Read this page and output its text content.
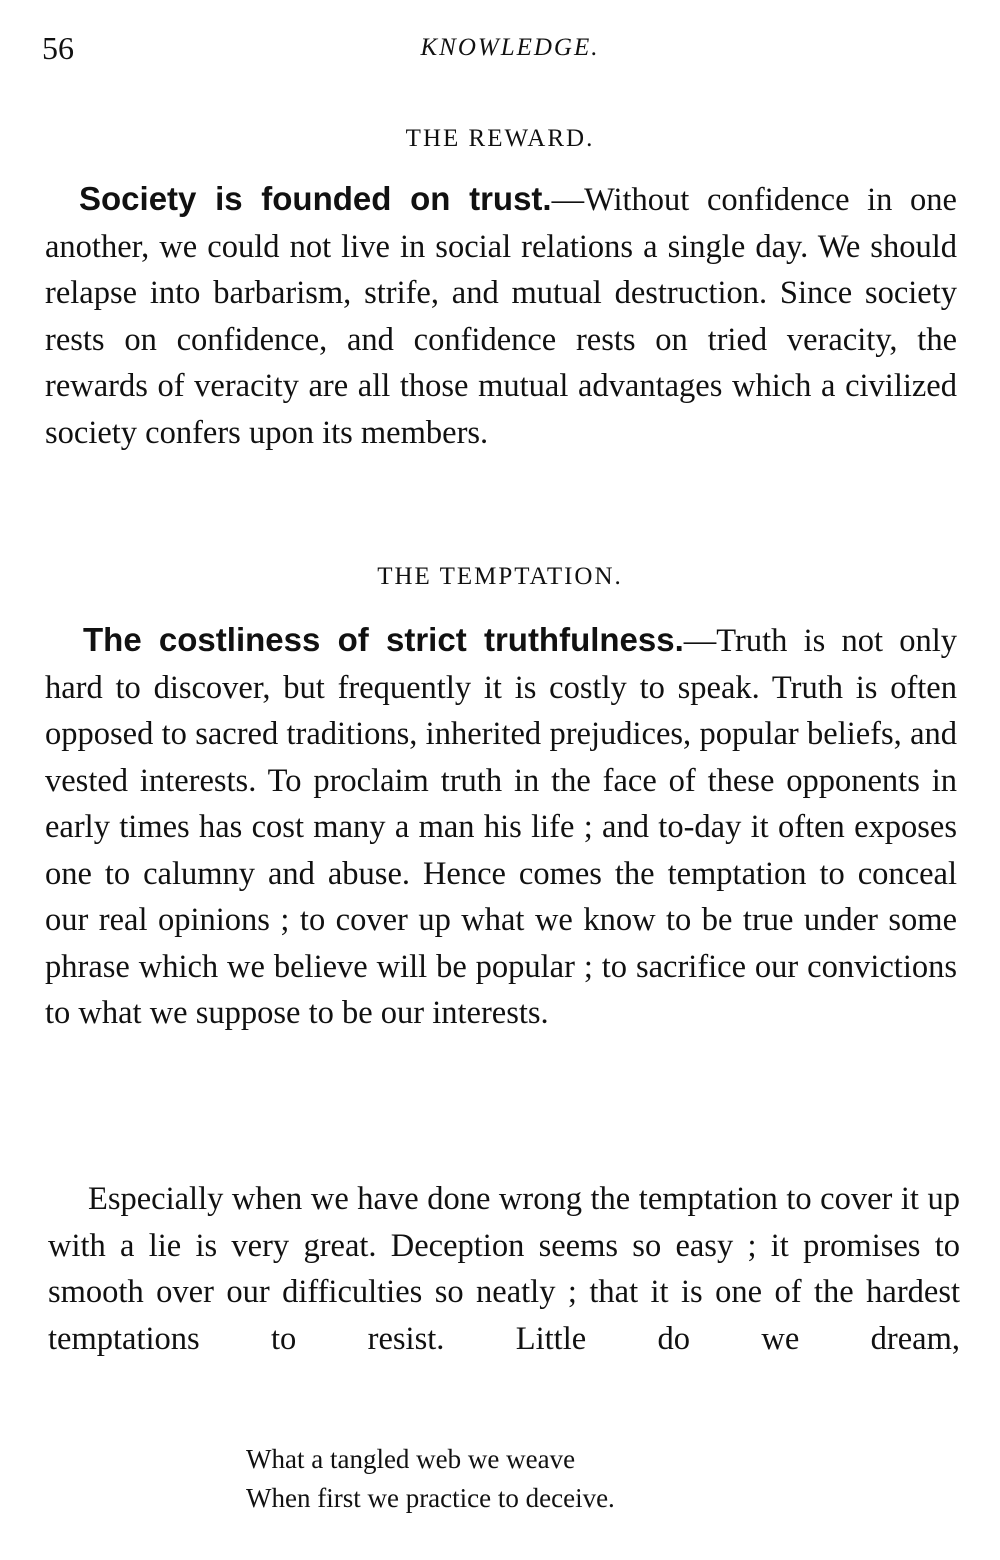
56	KNOWLEDGE.
THE REWARD.

Society is founded on trust.—Without confidence in one another, we could not live in social relations a single day. We should relapse into barbarism, strife, and mutual destruction. Since society rests on confidence, and confidence rests on tried veracity, the rewards of veracity are all those mutual advantages which a civilized society confers upon its members.

THE TEMPTATION.

The costliness of strict truthfulness.—Truth is not only hard to discover, but frequently it is costly to speak. Truth is often opposed to sacred traditions, inherited prejudices, popular beliefs, and vested interests. To proclaim truth in the face of these opponents in early times has cost many a man his life ; and to-day it often exposes one to calumny and abuse. Hence comes the temptation to conceal our real opinions ; to cover up what we know to be true under some phrase which we believe will be popular ; to sacrifice our convictions to what we suppose to be our interests.

Especially when we have done wrong the temptation to cover it up with a lie is very great. Deception seems so easy ; it promises to smooth over our difficulties so neatly ; that it is one of the hardest temptations to resist. Little do we dream,

What a tangled web we weave
When first we practice to deceive.
